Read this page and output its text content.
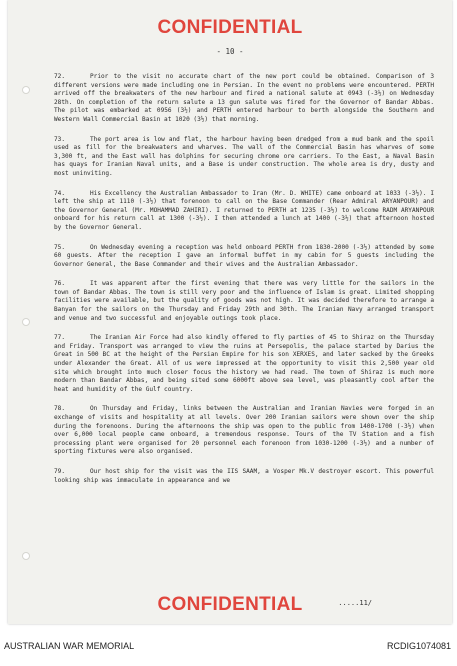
CONFIDENTIAL
- 10 -

72.	Prior to the visit no accurate chart of the new port could be obtained. Comparison of 3 different versions were made including one in Persian. In the event no problems were encountered. PERTH arrived off the breakwaters of the new harbour and fired a national salute at 0943 (-3½) on Wednesday 28th. On completion of the return salute a 13 gun salute was fired for the Governor of Bandar Abbas. The pilot was embarked at 0956 (3½) and PERTH entered harbour to berth alongside the Southern and Western Wall Commercial Basin at 1020 (3½) that morning.

73.	The port area is low and flat, the harbour having been dredged from a mud bank and the spoil used as fill for the breakwaters and wharves. The wall of the Commercial Basin has wharves of some 3,300 ft, and the East wall has dolphins for securing chrome ore carriers. To the East, a Naval Basin has quays for Iranian Naval units, and a Base is under construction. The whole area is dry, dusty and most uninviting.

74.	His Excellency the Australian Ambassador to Iran (Mr. D. WHITE) came onboard at 1033 (-3½). I left the ship at 1110 (-3½) that forenoon to call on the Base Commander (Rear Admiral ARYANPOUR) and the Governor General (Mr. MOHAMMAD ZAHIRI). I returned to PERTH at 1235 (-3½) to welcome RADM ARYANPOUR onboard for his return call at 1300 (-3½). I then attended a lunch at 1400 (-3½) that afternoon hosted by the Governor General.

75.	On Wednesday evening a reception was held onboard PERTH from 1830-2000 (-3½) attended by some 60 guests. After the reception I gave an informal buffet in my cabin for 5 guests including the Governor General, the Base Commander and their wives and the Australian Ambassador.

76.	It was apparent after the first evening that there was very little for the sailors in the town of Bandar Abbas. The town is still very poor and the influence of Islam is great. Limited shopping facilities were available, but the quality of goods was not high. It was decided therefore to arrange a Banyan for the sailors on the Thursday and Friday 29th and 30th. The Iranian Navy arranged transport and venue and two successful and enjoyable outings took place.

77.	The Iranian Air Force had also kindly offered to fly parties of 45 to Shiraz on the Thursday and Friday. Transport was arranged to view the ruins at Persepolis, the palace started by Darius the Great in 500 BC at the height of the Persian Empire for his son XERXES, and later sacked by the Greeks under Alexander the Great. All of us were impressed at the opportunity to visit this 2,500 year old site which brought into much closer focus the history we had read. The town of Shiraz is much more modern than Bandar Abbas, and being sited some 6000ft above sea level, was pleasantly cool after the heat and humidity of the Gulf country.

78.	On Thursday and Friday, links between the Australian and Iranian Navies were forged in an exchange of visits and hospitality at all levels. Over 200 Iranian sailors were shown over the ship during the forenoons. During the afternoons the ship was open to the public from 1400-1700 (-3½) when over 6,000 local people came onboard, a tremendous response. Tours of the TV Station and a fish processing plant were organised for 20 personnel each forenoon from 1030-1200 (-3½) and a number of sporting fixtures were also organised.

79.	Our host ship for the visit was the IIS SAAM, a Vosper Mk.V destroyer escort. This powerful looking ship was immaculate in appearance and we

CONFIDENTIAL	.....11/
AUSTRALIAN WAR MEMORIAL	RCDIG1074081
